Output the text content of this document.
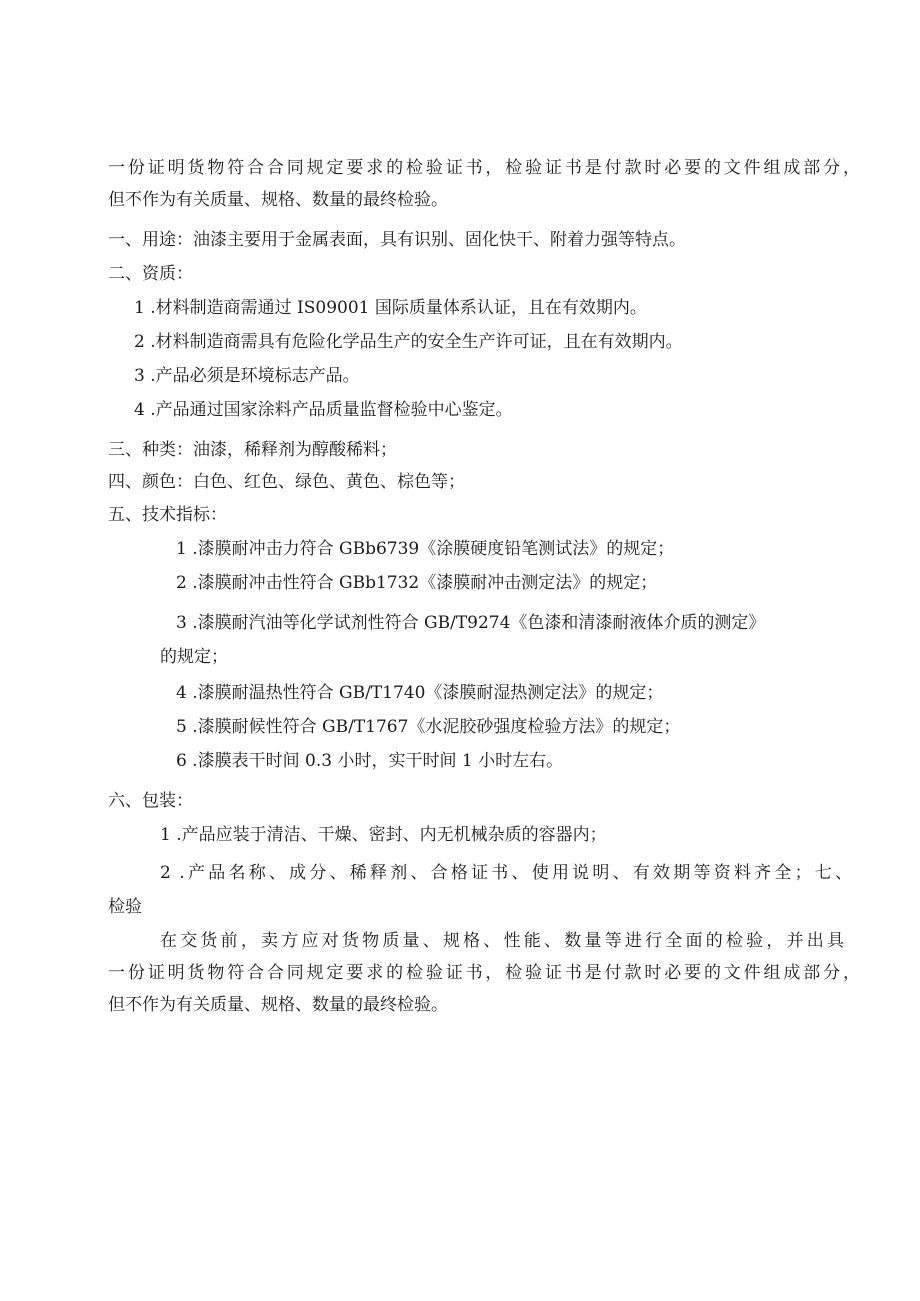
一份证明货物符合合同规定要求的检验证书，检验证书是付款时必要的文件组成部分，
但不作为有关质量、规格、数量的最终检验。
一、用途：油漆主要用于金属表面，具有识别、固化快干、附着力强等特点。
二、资质：
1 .材料制造商需通过 IS09001 国际质量体系认证，且在有效期内。
2 .材料制造商需具有危险化学品生产的安全生产许可证，且在有效期内。
3 .产品必须是环境标志产品。
4 .产品通过国家涂料产品质量监督检验中心鉴定。
三、种类：油漆，稀释剂为醇酸稀料；
四、颜色：白色、红色、绿色、黄色、棕色等；
五、技术指标：
1 .漆膜耐冲击力符合 GBb6739《涂膜硬度铅笔测试法》的规定；
2 .漆膜耐冲击性符合 GBb1732《漆膜耐冲击测定法》的规定；
3 .漆膜耐汽油等化学试剂性符合 GB/T9274《色漆和清漆耐液体介质的测定》
的规定；
4 .漆膜耐温热性符合 GB/T1740《漆膜耐湿热测定法》的规定；
5 .漆膜耐候性符合 GB/T1767《水泥胶砂强度检验方法》的规定；
6 .漆膜表干时间 0.3 小时，实干时间 1 小时左右。
六、包装：
1 .产品应装于清洁、干燥、密封、内无机械杂质的容器内；
2 .产品名称、成分、稀释剂、合格证书、使用说明、有效期等资料齐全；七、
检验
在交货前，卖方应对货物质量、规格、性能、数量等进行全面的检验，并出具
一份证明货物符合合同规定要求的检验证书，检验证书是付款时必要的文件组成部分，
但不作为有关质量、规格、数量的最终检验。
